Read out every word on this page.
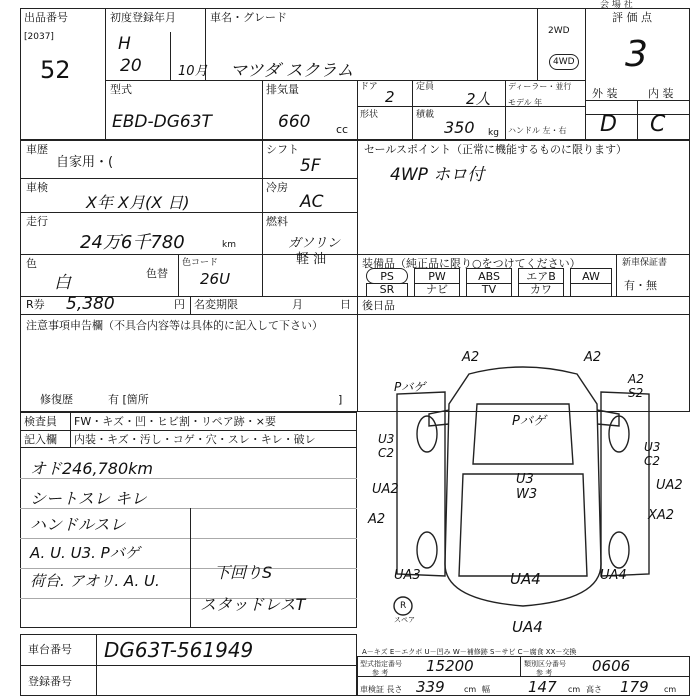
出品番号
[2037]
52
初度登録年月
H
20	10月
車名・グレード
マツダ スクラム
2WD
4WD
評 価 点
会 場 社
3
型式
EBD-DG63T
排気量
660 cc
ドア
2
定員
2人
ディーラー・並行
モデル 年
ハンドル 左・右
形状	積載
350 kg
外 装	内 装
D C
車歴
自家用・(
シフト
5F
セールスポイント（正常に機能するものに限ります）
4WP ホロ付
車検
X年 X月(X 日)
冷房
AC
走行
24万6千780	km
燃料
ガソリン
軽 油
色
白	色替
色コード
26U
装備品（純正品に限り○をつけてください）	新車保証書
有・無
PS	PW	ABS	エアB	AW
SR	ナビ	TV	カワ
R券 5,380	円 名変期限	月	日 後日品
注意事項申告欄（不具合内容等は具体的に記入して下さい）
修復歴	有 [箇所	]
検査員 FW・キズ・凹・ヒビ割・リペア跡・×要
記入欄 内装・キズ・汚し・コゲ・穴・スレ・キレ・破レ
オド246,780km
シートスレ キレ
ハンドルスレ
A. U. U3. Pバゲ
荷台. アオリ. A. U.	下回りS
スタッドレスT
A2	A2
A2 S2
Pバゲ
Pバゲ
U3 C2	U3 C2
U3 W3
UA2	UA2
A2	XA2
UA4
UA3	UA4
UA4
R
スペア
A－キズ E－エクボ U－凹み W－補修跡 S－サビ C－腐食 XX－交換
車台番号 DG63T-561949
登録番号
型式指定番号
参 考	15200	類別区分番号
参 考	0606
車検証 長さ 339 cm 幅	147 cm 高さ 179 cm
